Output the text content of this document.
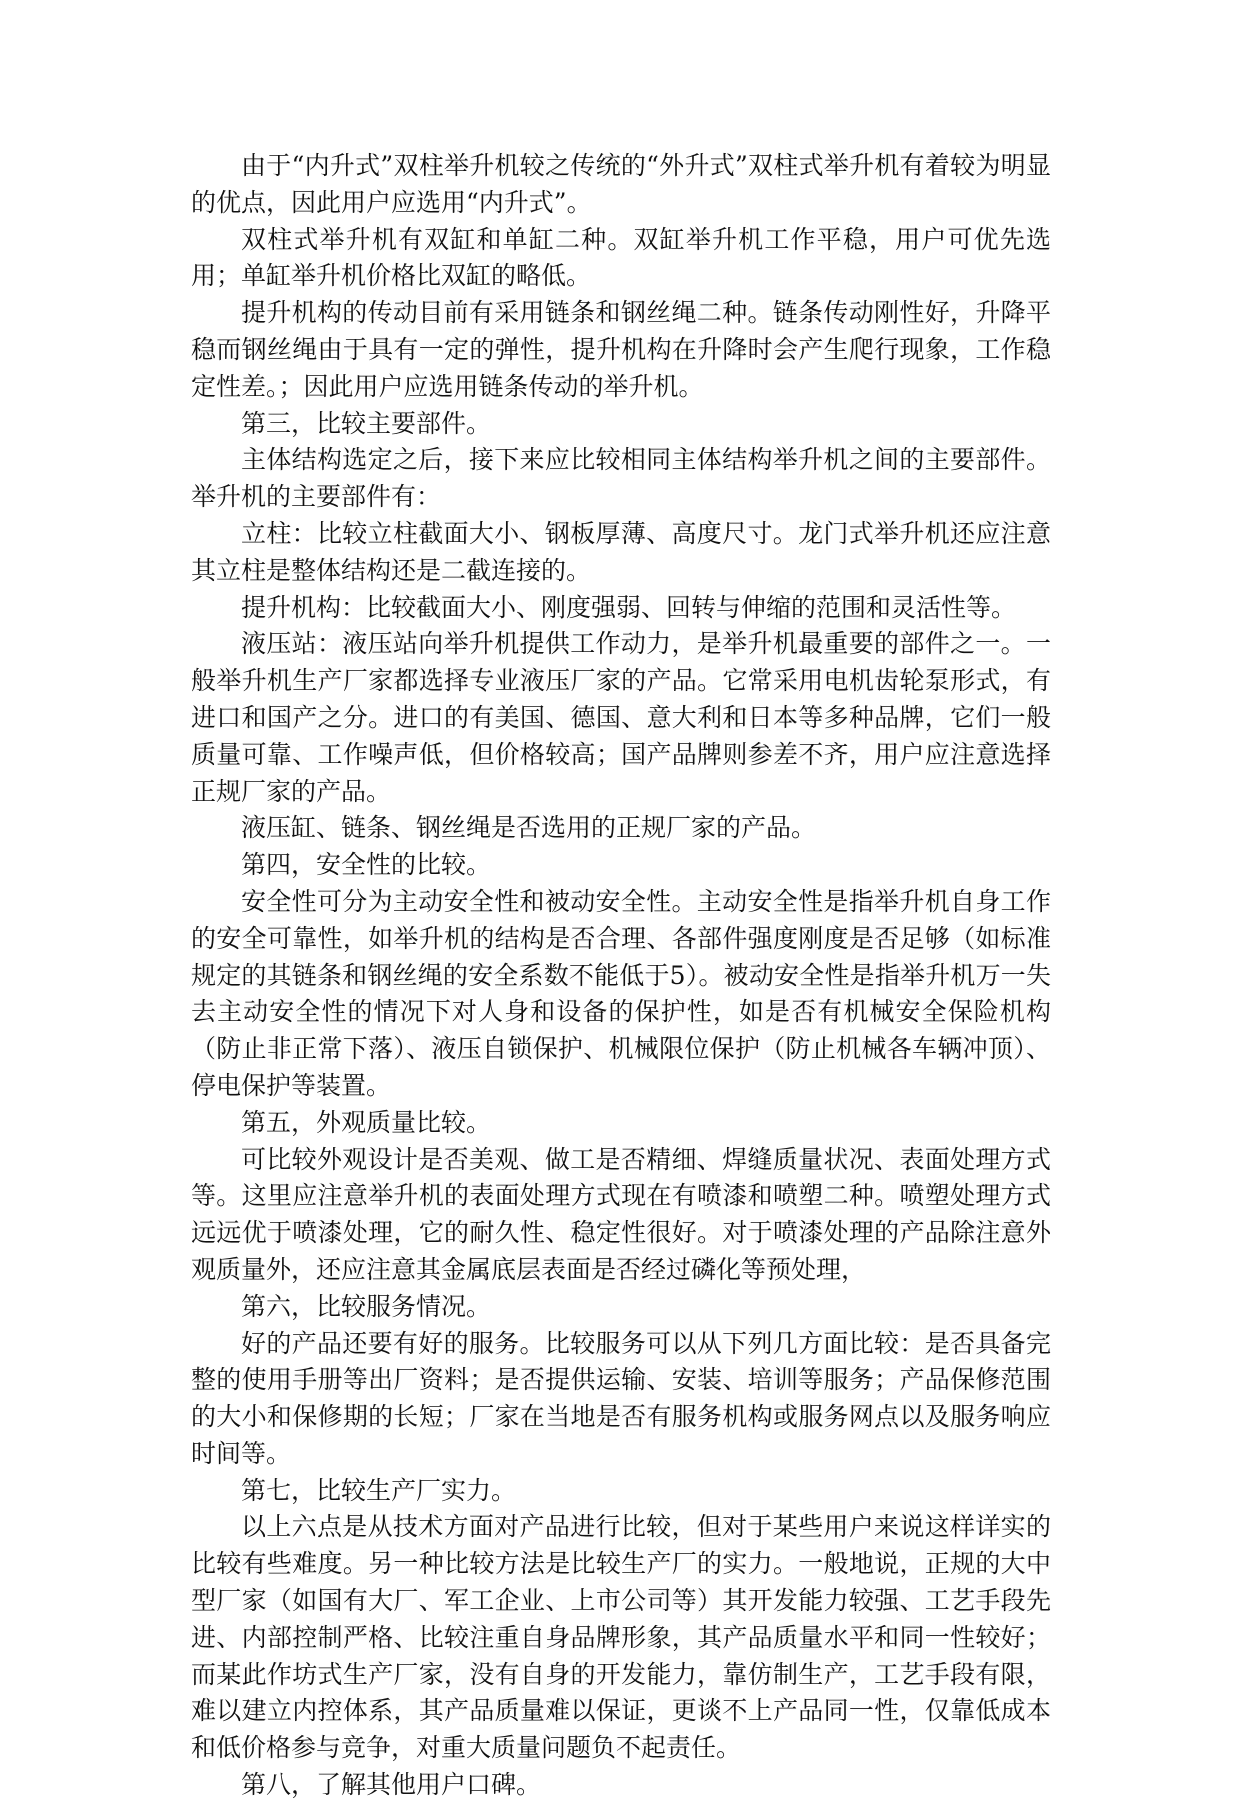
由于“内升式”双柱举升机较之传统的“外升式”双柱式举升机有着较为明显的优点，因此用户应选用“内升式”。

双柱式举升机有双缸和单缸二种。双缸举升机工作平稳，用户可优先选用；单缸举升机价格比双缸的略低。

提升机构的传动目前有采用链条和钢丝绳二种。链条传动刚性好，升降平稳而钢丝绳由于具有一定的弹性，提升机构在升降时会产生爬行现象，工作稳定性差。；因此用户应选用链条传动的举升机。

第三，比较主要部件。

主体结构选定之后，接下来应比较相同主体结构举升机之间的主要部件。举升机的主要部件有：

立柱：比较立柱截面大小、钢板厚薄、高度尺寸。龙门式举升机还应注意其立柱是整体结构还是二截连接的。

提升机构：比较截面大小、刚度强弱、回转与伸缩的范围和灵活性等。

液压站：液压站向举升机提供工作动力，是举升机最重要的部件之一。一般举升机生产厂家都选择专业液压厂家的产品。它常采用电机齿轮泵形式，有进口和国产之分。进口的有美国、德国、意大利和日本等多种品牌，它们一般质量可靠、工作噪声低，但价格较高；国产品牌则参差不齐，用户应注意选择正规厂家的产品。

液压缸、链条、钢丝绳是否选用的正规厂家的产品。

第四，安全性的比较。

安全性可分为主动安全性和被动安全性。主动安全性是指举升机自身工作的安全可靠性，如举升机的结构是否合理、各部件强度刚度是否足够（如标准规定的其链条和钢丝绳的安全系数不能低于5）。被动安全性是指举升机万一失去主动安全性的情况下对人身和设备的保护性，如是否有机械安全保险机构（防止非正常下落）、液压自锁保护、机械限位保护（防止机械各车辆冲顶）、停电保护等装置。

第五，外观质量比较。

可比较外观设计是否美观、做工是否精细、焊缝质量状况、表面处理方式等。这里应注意举升机的表面处理方式现在有喷漆和喷塑二种。喷塑处理方式远远优于喷漆处理，它的耐久性、稳定性很好。对于喷漆处理的产品除注意外观质量外，还应注意其金属底层表面是否经过磷化等预处理，

第六，比较服务情况。

好的产品还要有好的服务。比较服务可以从下列几方面比较：是否具备完整的使用手册等出厂资料；是否提供运输、安装、培训等服务；产品保修范围的大小和保修期的长短；厂家在当地是否有服务机构或服务网点以及服务响应时间等。

第七，比较生产厂实力。

以上六点是从技术方面对产品进行比较，但对于某些用户来说这样详实的比较有些难度。另一种比较方法是比较生产厂的实力。一般地说，正规的大中型厂家（如国有大厂、军工企业、上市公司等）其开发能力较强、工艺手段先进、内部控制严格、比较注重自身品牌形象，其产品质量水平和同一性较好；而某此作坊式生产厂家，没有自身的开发能力，靠仿制生产，工艺手段有限，难以建立内控体系，其产品质量难以保证，更谈不上产品同一性，仅靠低成本和低价格参与竞争，对重大质量问题负不起责任。

第八，了解其他用户口碑。
